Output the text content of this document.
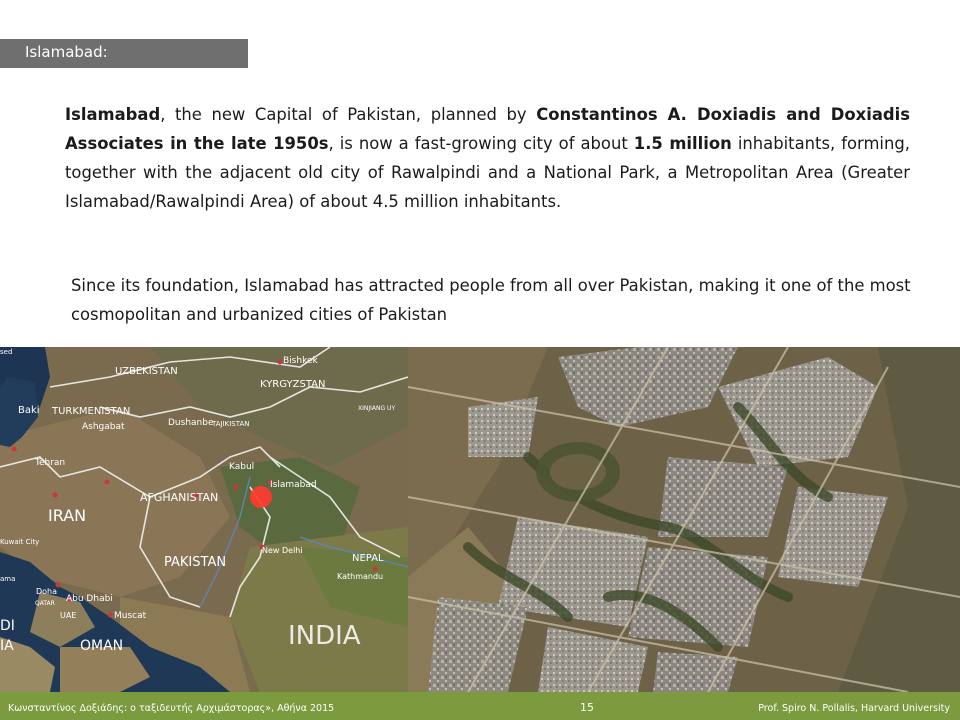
Islamabad:
Islamabad, the new Capital of Pakistan, planned by Constantinos A. Doxiadis and Doxiadis Associates in the late 1950s, is now a fast-growing city of about 1.5 million inhabitants, forming, together with the adjacent old city of Rawalpindi and a National Park, a Metropolitan Area (Greater Islamabad/Rawalpindi Area) of about 4.5 million inhabitants.
Since its foundation, Islamabad has attracted people from all over Pakistan, making it one of the most cosmopolitan and urbanized cities of Pakistan
Bishkek
UZBEKISTAN
KYRGYZSTAN
Baki TURKMENISTAN
Ashgabat	Dushanbe
TAJIKISTAN
XINJIANG UY
sed
Tehran	Kabul
Islamabad
AFGHANISTAN
IRAN
Kuwait City
PAKISTAN
New Delhi
NEPAL
Kathmandu
ama
Doha
QATAR Abu Dhabi
UAE	Muscat
DI
IA	OMAN	INDIA
Κωνσταντίνος Δοξιάδης: ο ταξιδευτής Αρχιμάστορας», Αθήνα 2015	15	Prof. Spiro N. Pollalis, Harvard University
